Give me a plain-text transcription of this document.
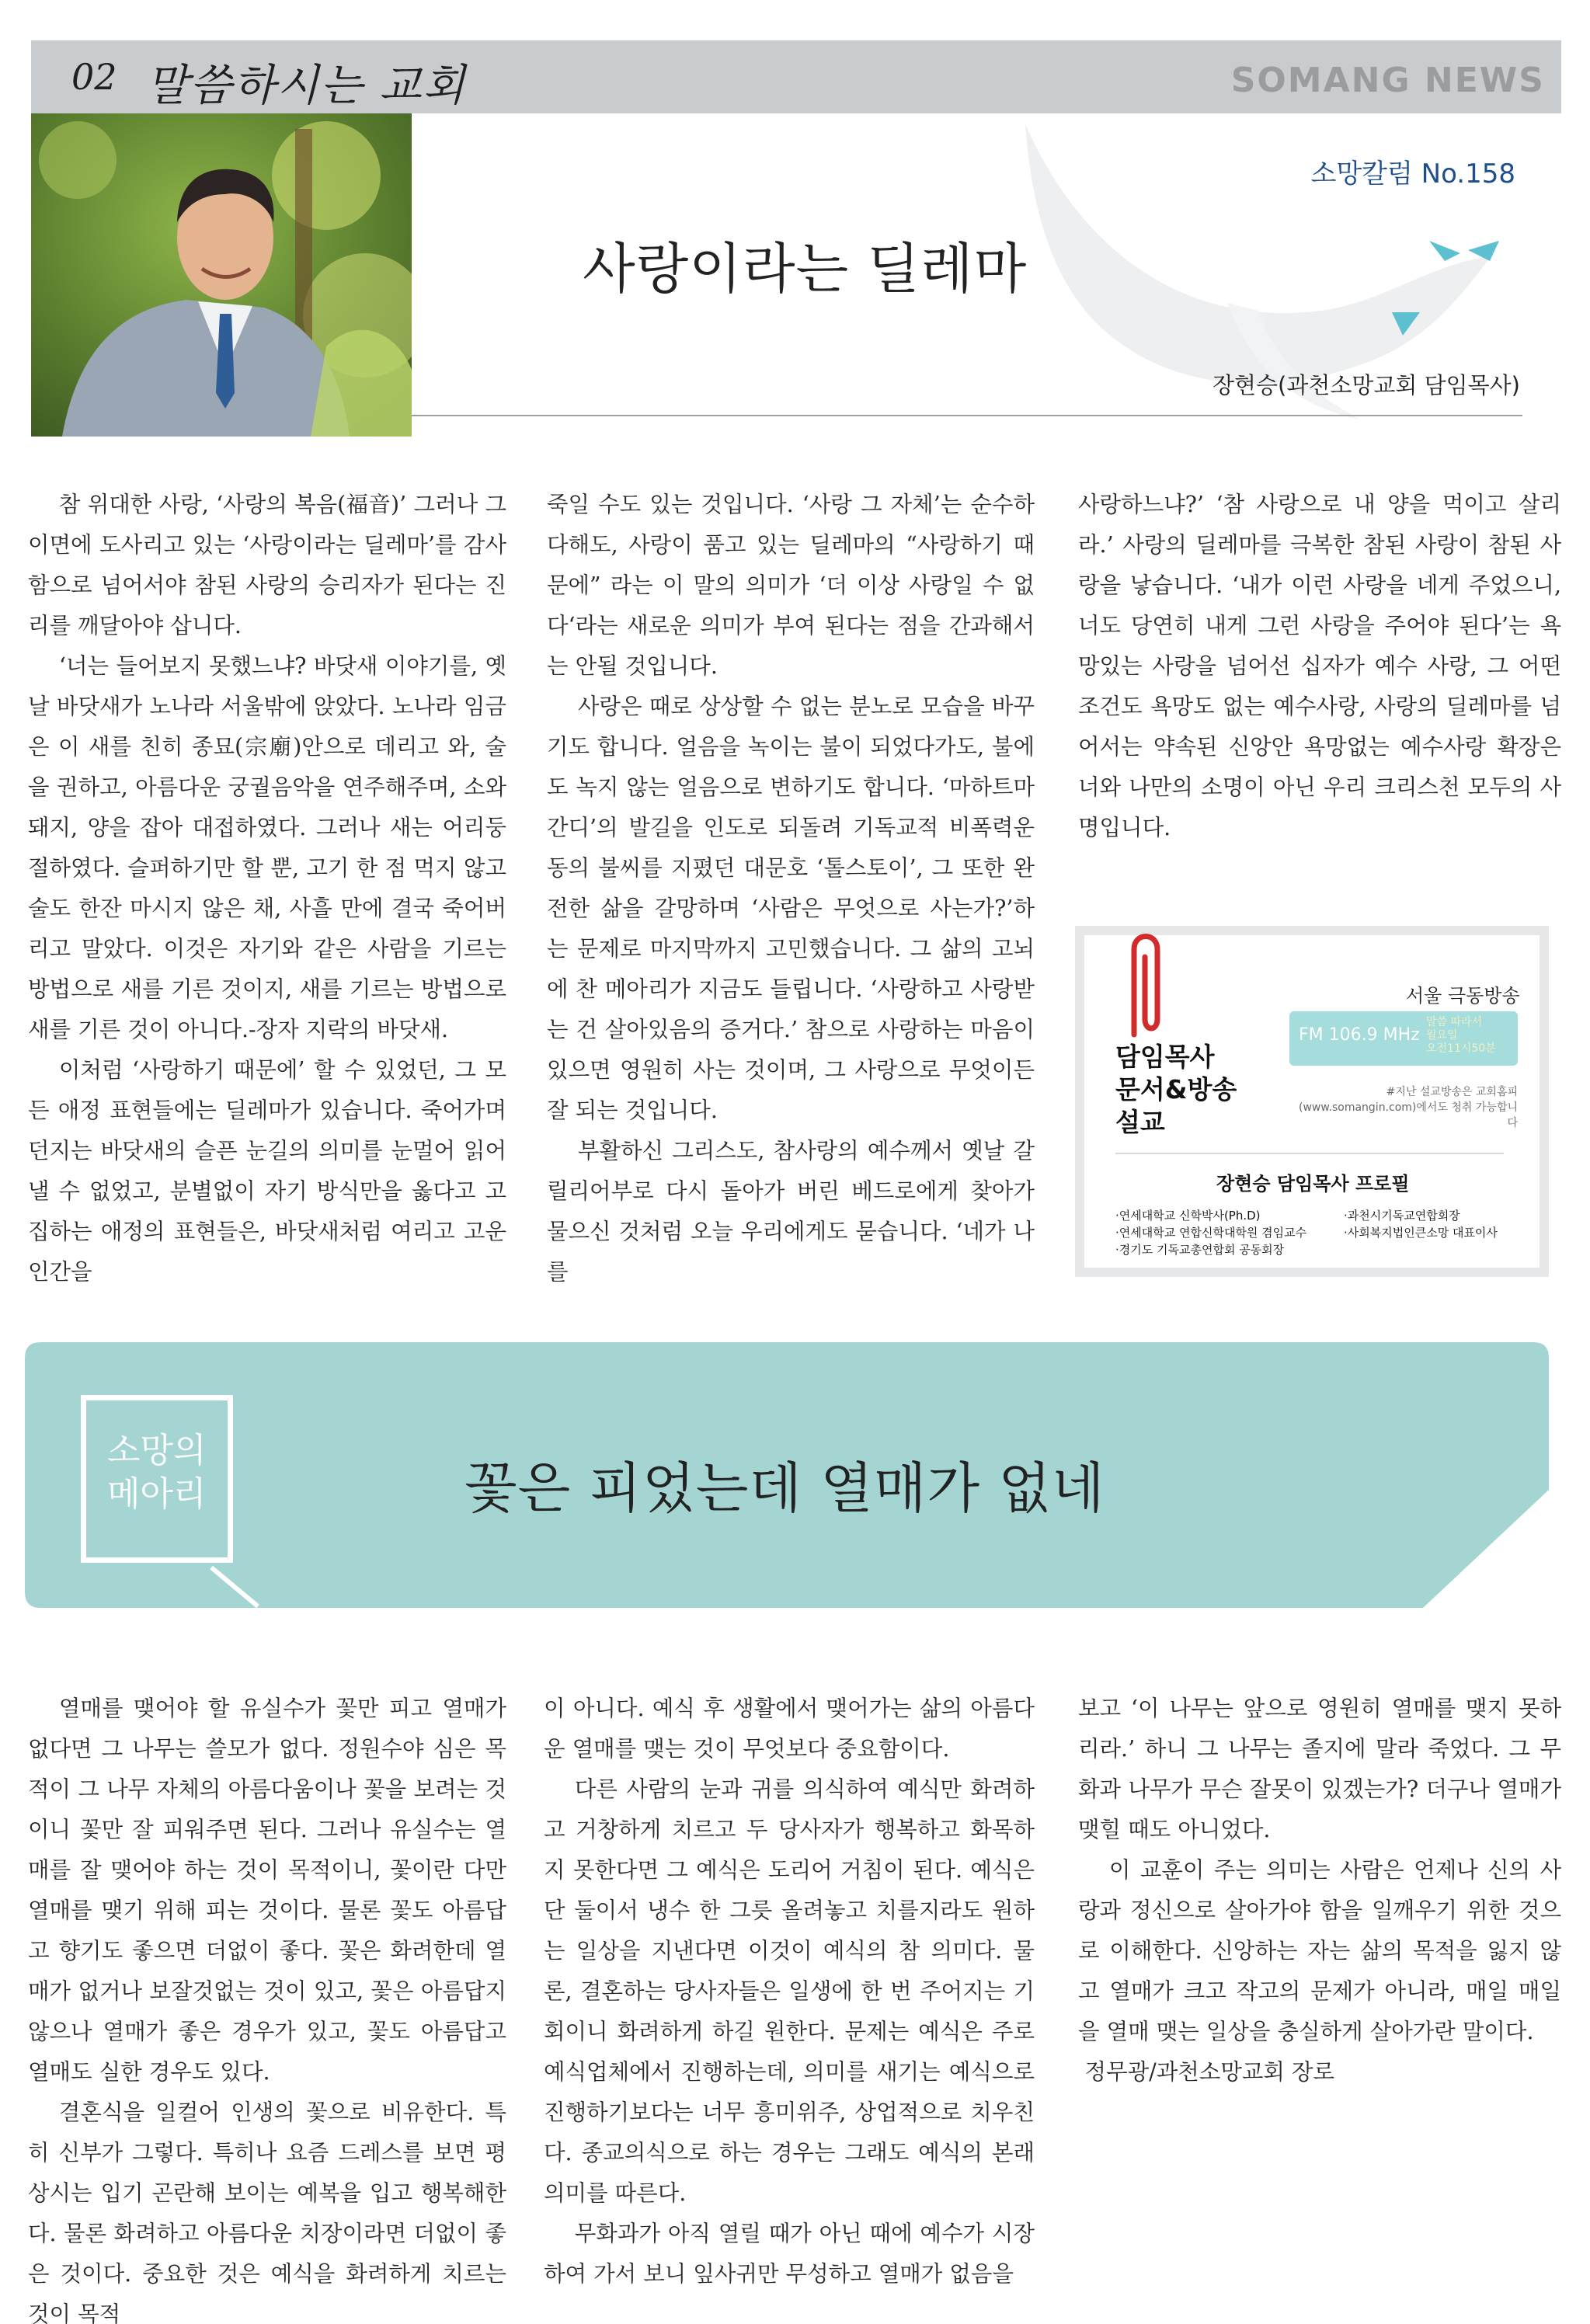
02 말씀하시는 교회	SOMANG NEWS
소망칼럼 No.158
사랑이라는 딜레마
장현승(과천소망교회 담임목사)

참 위대한 사랑, ‘사랑의 복음(福音)’ 그러나 그 이면에 도사리고 있는 ‘사랑이라는 딜레마’를 감사함으로 넘어서야 참된 사랑의 승리자가 된다는 진리를 깨달아야 삽니다.

‘너는 들어보지 못했느냐? 바닷새 이야기를, 옛날 바닷새가 노나라 서울밖에 앉았다. 노나라 임금은 이 새를 친히 종묘(宗廟)안으로 데리고 와, 술을 권하고, 아름다운 궁궐음악을 연주해주며, 소와 돼지, 양을 잡아 대접하였다. 그러나 새는 어리둥절하였다. 슬퍼하기만 할 뿐, 고기 한 점 먹지 않고 술도 한잔 마시지 않은 채, 사흘 만에 결국 죽어버리고 말았다. 이것은 자기와 같은 사람을 기르는 방법으로 새를 기른 것이지, 새를 기르는 방법으로 새를 기른 것이 아니다.-장자 지락의 바닷새.

이처럼 ‘사랑하기 때문에’ 할 수 있었던, 그 모든 애정 표현들에는 딜레마가 있습니다. 죽어가며 던지는 바닷새의 슬픈 눈길의 의미를 눈멀어 읽어 낼 수 없었고, 분별없이 자기 방식만을 옳다고 고집하는 애정의 표현들은, 바닷새처럼 여리고 고운 인간을

죽일 수도 있는 것입니다. ‘사랑 그 자체’는 순수하다해도, 사랑이 품고 있는 딜레마의 “사랑하기 때문에” 라는 이 말의 의미가 ‘더 이상 사랑일 수 없다‘라는 새로운 의미가 부여 된다는 점을 간과해서는 안될 것입니다.

사랑은 때로 상상할 수 없는 분노로 모습을 바꾸기도 합니다. 얼음을 녹이는 불이 되었다가도, 불에도 녹지 않는 얼음으로 변하기도 합니다. ‘마하트마 간디’의 발길을 인도로 되돌려 기독교적 비폭력운동의 불씨를 지폈던 대문호 ‘톨스토이’, 그 또한 완전한 삶을 갈망하며 ‘사람은 무엇으로 사는가?’하는 문제로 마지막까지 고민했습니다. 그 삶의 고뇌에 찬 메아리가 지금도 들립니다. ‘사랑하고 사랑받는 건 살아있음의 증거다.’ 참으로 사랑하는 마음이 있으면 영원히 사는 것이며, 그 사랑으로 무엇이든 잘 되는 것입니다.

부활하신 그리스도, 참사랑의 예수께서 옛날 갈릴리어부로 다시 돌아가 버린 베드로에게 찾아가 물으신 것처럼 오늘 우리에게도 묻습니다. ‘네가 나를

사랑하느냐?’ ‘참 사랑으로 내 양을 먹이고 살리라.’ 사랑의 딜레마를 극복한 참된 사랑이 참된 사랑을 낳습니다. ‘내가 이런 사랑을 네게 주었으니, 너도 당연히 내게 그런 사랑을 주어야 된다’는 욕망있는 사랑을 넘어선 십자가 예수 사랑, 그 어떤 조건도 욕망도 없는 예수사랑, 사랑의 딜레마를 넘어서는 약속된 신앙안 욕망없는 예수사랑 확장은 너와 나만의 소명이 아닌 우리 크리스천 모두의 사명입니다.

서울 극동방송
FM 106.9 MHz
말씀 따라서
월요일
오전11시50분
담임목사
문서&방송
설교
#지난 설교방송은 교회홈피
(www.somangin.com)에서도 청취 가능합니다
장현승 담임목사 프로필
·연세대학교 신학박사(Ph.D)
·연세대학교 연합신학대학원 겸임교수
·경기도 기독교총연합회 공동회장
·과천시기독교연합회장
·사회복지법인큰소망 대표이사
소망의
메아리	꽃은 피었는데 열매가 없네

열매를 맺어야 할 유실수가 꽃만 피고 열매가 없다면 그 나무는 쓸모가 없다. 정원수야 심은 목적이 그 나무 자체의 아름다움이나 꽃을 보려는 것이니 꽃만 잘 피워주면 된다. 그러나 유실수는 열매를 잘 맺어야 하는 것이 목적이니, 꽃이란 다만 열매를 맺기 위해 피는 것이다. 물론 꽃도 아름답고 향기도 좋으면 더없이 좋다. 꽃은 화려한데 열매가 없거나 보잘것없는 것이 있고, 꽃은 아름답지 않으나 열매가 좋은 경우가 있고, 꽃도 아름답고 열매도 실한 경우도 있다.

결혼식을 일컬어 인생의 꽃으로 비유한다. 특히 신부가 그렇다. 특히나 요즘 드레스를 보면 평상시는 입기 곤란해 보이는 예복을 입고 행복해한다. 물론 화려하고 아름다운 치장이라면 더없이 좋은 것이다. 중요한 것은 예식을 화려하게 치르는 것이 목적

이 아니다. 예식 후 생활에서 맺어가는 삶의 아름다운 열매를 맺는 것이 무엇보다 중요함이다.

다른 사람의 눈과 귀를 의식하여 예식만 화려하고 거창하게 치르고 두 당사자가 행복하고 화목하지 못한다면 그 예식은 도리어 거침이 된다. 예식은 단 둘이서 냉수 한 그릇 올려놓고 치를지라도 원하는 일상을 지낸다면 이것이 예식의 참 의미다. 물론, 결혼하는 당사자들은 일생에 한 번 주어지는 기회이니 화려하게 하길 원한다. 문제는 예식은 주로 예식업체에서 진행하는데, 의미를 새기는 예식으로 진행하기보다는 너무 흥미위주, 상업적으로 치우친다. 종교의식으로 하는 경우는 그래도 예식의 본래 의미를 따른다.

무화과가 아직 열릴 때가 아닌 때에 예수가 시장하여 가서 보니 잎사귀만 무성하고 열매가 없음을

보고 ‘이 나무는 앞으로 영원히 열매를 맺지 못하리라.’ 하니 그 나무는 졸지에 말라 죽었다. 그 무화과 나무가 무슨 잘못이 있겠는가? 더구나 열매가 맺힐 때도 아니었다.

이 교훈이 주는 의미는 사람은 언제나 신의 사랑과 정신으로 살아가야 함을 일깨우기 위한 것으로 이해한다. 신앙하는 자는 삶의 목적을 잃지 않고 열매가 크고 작고의 문제가 아니라, 매일 매일을 열매 맺는 일상을 충실하게 살아가란 말이다.

정무광/과천소망교회 장로
